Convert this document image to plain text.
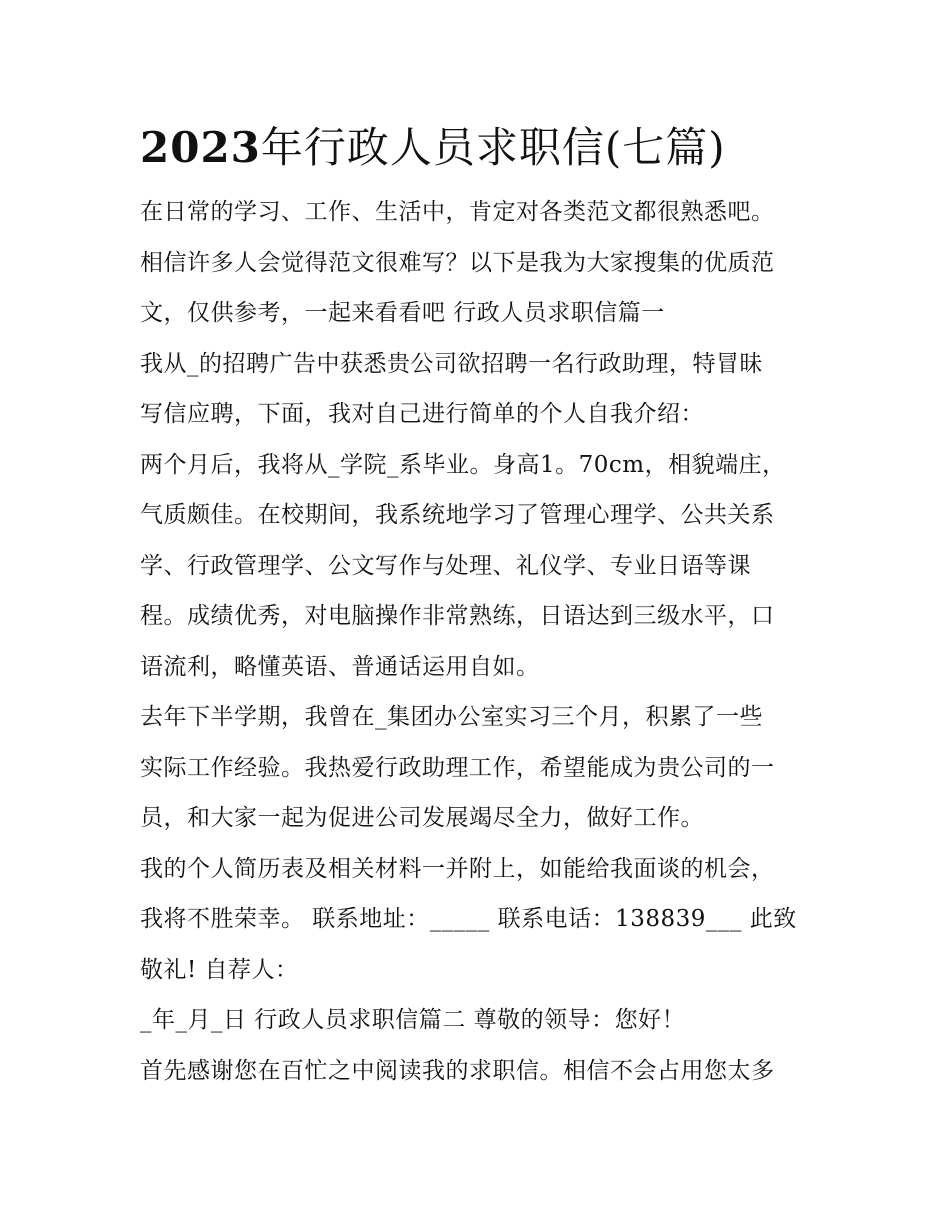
2023年行政人员求职信(七篇)
在日常的学习、工作、生活中，肯定对各类范文都很熟悉吧。
相信许多人会觉得范文很难写？以下是我为大家搜集的优质范
文，仅供参考，一起来看看吧 行政人员求职信篇一
我从_的招聘广告中获悉贵公司欲招聘一名行政助理，特冒昧
写信应聘，下面，我对自己进行简单的个人自我介绍：
两个月后，我将从_学院_系毕业。身高1。70cm，相貌端庄，
气质颇佳。在校期间，我系统地学习了管理心理学、公共关系
学、行政管理学、公文写作与处理、礼仪学、专业日语等课
程。成绩优秀，对电脑操作非常熟练，日语达到三级水平，口
语流利，略懂英语、普通话运用自如。
去年下半学期，我曾在_集团办公室实习三个月，积累了一些
实际工作经验。我热爱行政助理工作，希望能成为贵公司的一
员，和大家一起为促进公司发展竭尽全力，做好工作。
我的个人简历表及相关材料一并附上，如能给我面谈的机会，
我将不胜荣幸。 联系地址：_____ 联系电话：138839___ 此致
敬礼! 自荐人：
_年_月_日 行政人员求职信篇二 尊敬的领导：您好！
首先感谢您在百忙之中阅读我的求职信。相信不会占用您太多
